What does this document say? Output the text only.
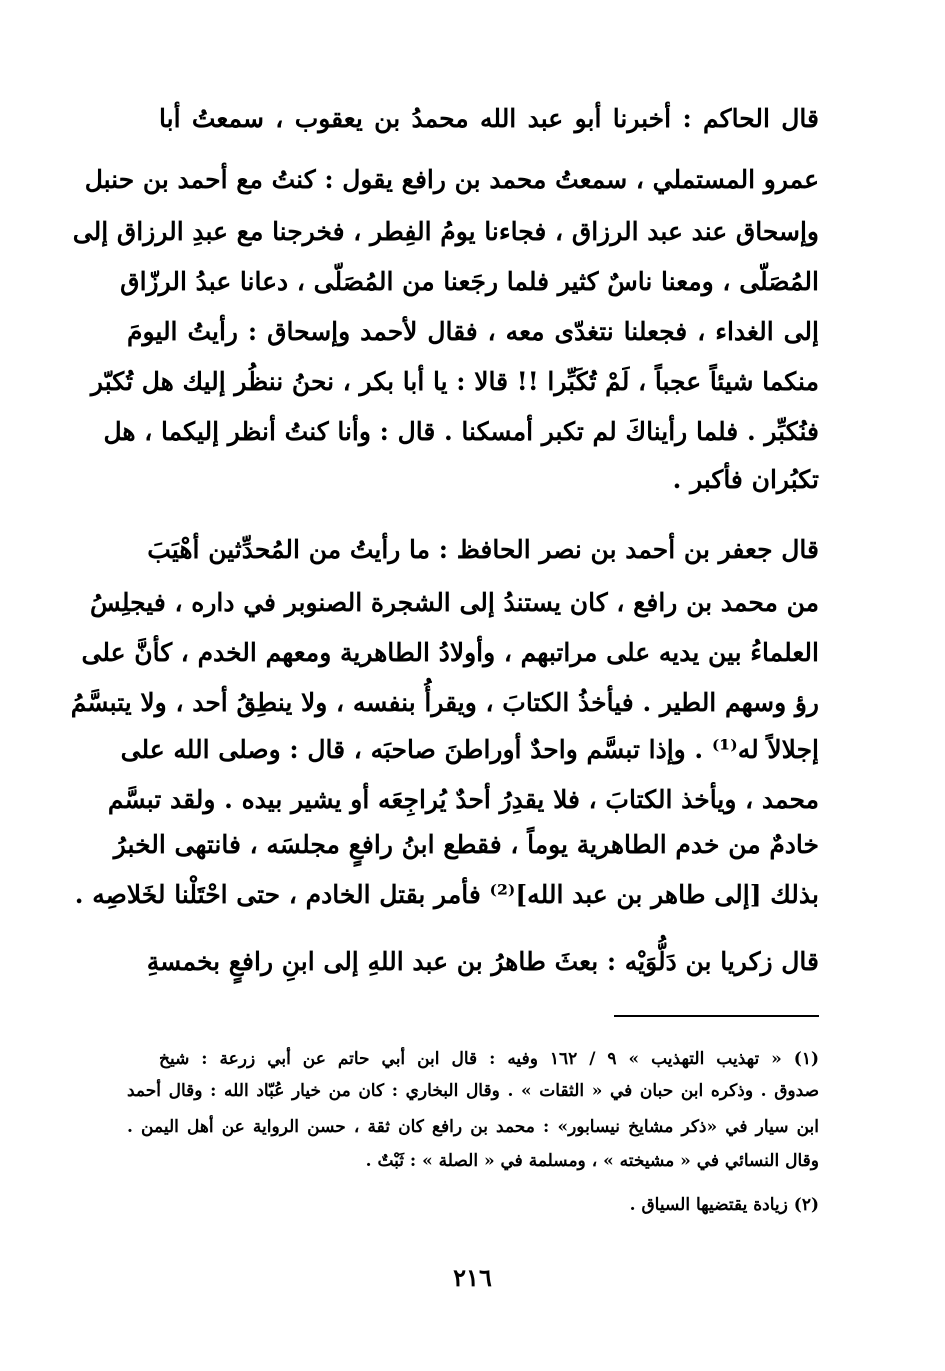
قال الحاكم : أخبرنا أبو عبد الله محمدُ بن يعقوب ، سمعتُ أبا
عمرو المستملي ، سمعتُ محمد بن رافع يقول : كنتُ مع أحمد بن حنبل
وإسحاق عند عبد الرزاق ، فجاءنا يومُ الفِطر ، فخرجنا مع عبدِ الرزاق إلى
المُصَلّى ، ومعنا ناسٌ كثير فلما رجَعنا من المُصَلّى ، دعانا عبدُ الرزّاق
إلى الغداء ، فجعلنا نتغدّى معه ، فقال لأحمد وإسحاق : رأيتُ اليومَ
منكما شيئاً عجباً ، لَمْ تُكَبِّرا !! قالا : يا أبا بكر ، نحنُ ننظُر إليك هل تُكبّر
فنُكبِّر . فلما رأيناكَ لم تكبر أمسكنا . قال : وأنا كنتُ أنظر إليكما ، هل
تكبُران فأكبر .
قال جعفر بن أحمد بن نصر الحافظ : ما رأيتُ من المُحدِّثين أهْيَبَ
من محمد بن رافع ، كان يستندُ إلى الشجرة الصنوبر في داره ، فيجلِسُ
العلماءُ بين يديه على مراتبهم ، وأولادُ الطاهرية ومعهم الخدم ، كأنَّ على
رؤ وسهم الطير . فيأخذُ الكتابَ ، ويقرأُ بنفسه ، ولا ينطِقُ أحد ، ولا يتبسَّمُ
إجلالاً له⁽¹⁾ . وإذا تبسَّم واحدٌ أوراطنَ صاحبَه ، قال : وصلى الله على
محمد ، ويأخذ الكتابَ ، فلا يقدِرُ أحدٌ يُراجِعَه أو يشير بيده . ولقد تبسَّم
خادمٌ من خدم الطاهرية يوماً ، فقطع ابنُ رافعٍ مجلسَه ، فانتهى الخبرُ
بذلك [إلى طاهر بن عبد الله]⁽²⁾ فأمر بقتل الخادم ، حتى احْتَلْنا لخَلاصِه .
قال زكريا بن دَلُّوَيْه : بعثَ طاهرُ بن عبد اللهِ إلى ابنِ رافعٍ بخمسةِ
(١) « تهذيب التهذيب » ٩ / ١٦٢ وفيه : قال ابن أبي حاتم عن أبي زرعة : شيخ
صدوق . وذكره ابن حبان في « الثقات » . وقال البخاري : كان من خيار عُبّاد الله : وقال أحمد
ابن سيار في «ذكر مشايخ نيسابور» : محمد بن رافع كان ثقة ، حسن الرواية عن أهل اليمن .
وقال النسائي في « مشيخته » ، ومسلمة في « الصلة » : ثَبْتٌ .
(٢) زيادة يقتضيها السياق .
٢١٦
